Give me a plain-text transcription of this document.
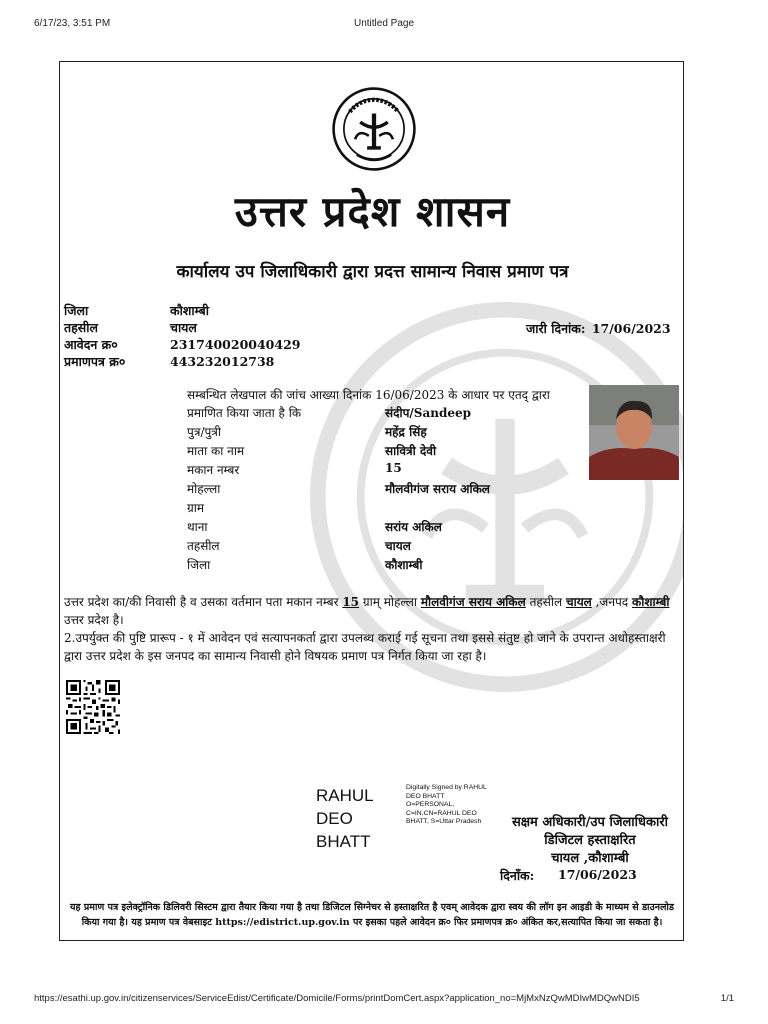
6/17/23, 3:51 PM	Untitled Page
उत्तर प्रदेश शासन
कार्यालय उप जिलाधिकारी द्वारा प्रदत्त सामान्य निवास प्रमाण पत्र
जिला	कौशाम्बी
तहसील	चायल
आवेदन क्र०	231740020040429
प्रमाणपत्र क्र०	443232012738
जारी दिनांक: 17/06/2023
सम्बन्धित लेखपाल की जांच आख्या दिनांक 16/06/2023 के आधार पर एतद् द्वारा
प्रमाणित किया जाता है कि	संदीप/Sandeep
पुत्र/पुत्री	महेंद्र सिंह
माता का नाम	सावित्री देवी
मकान नम्बर	15
मोहल्ला	मौलवीगंज सराय अकिल
ग्राम
थाना	सरांय अकिल
तहसील	चायल
जिला	कौशाम्बी
उत्तर प्रदेश का/की निवासी है व उसका वर्तमान पता मकान नम्बर 15 ग्राम् मोहल्ला मौलवीगंज सराय अकिल तहसील चायल ,जनपद कौशाम्बी उत्तर प्रदेश है।
2.उपर्युक्त की पुष्टि प्रारूप - १ में आवेदन एवं सत्यापनकर्ता द्वारा उपलब्ध कराई गई सूचना तथा इससे संतुष्ट हो जाने के उपरान्त अधोहस्ताक्षरी द्वारा उत्तर प्रदेश के इस जनपद का सामान्य निवासी होने विषयक प्रमाण पत्र निर्गत किया जा रहा है।
RAHUL
DEO
BHATT
Digitally Signed by RAHUL
DEO BHATT
O=PERSONAL,
C=IN,CN=RAHUL DEO
BHATT, S=Uttar Pradesh	सक्षम अधिकारी/उप जिलाधिकारी
डिजिटल हस्ताक्षरित
चायल ,कौशाम्बी
दिनाँक: 17/06/2023
यह प्रमाण पत्र इलेक्ट्रॉनिक डिलिवरी सिस्टम द्वारा तैयार किया गया है तथा डिजिटल सिग्नेचर से हस्ताक्षरित है एवम् आवेदक द्वारा स्वय की लॉग इन आइडी के माध्यम से डाउनलोड किया गया है। यह प्रमाण पत्र वेबसाइट https://edistrict.up.gov.in पर इसका पहले आवेदन क्र० फिर प्रमाणपत्र क्र० अंकित कर,सत्यापित किया जा सकता है।
https://esathi.up.gov.in/citizenservices/ServiceEdist/Certificate/Domicile/Forms/printDomCert.aspx?application_no=MjMxNzQwMDIwMDQwNDI5	1/1
